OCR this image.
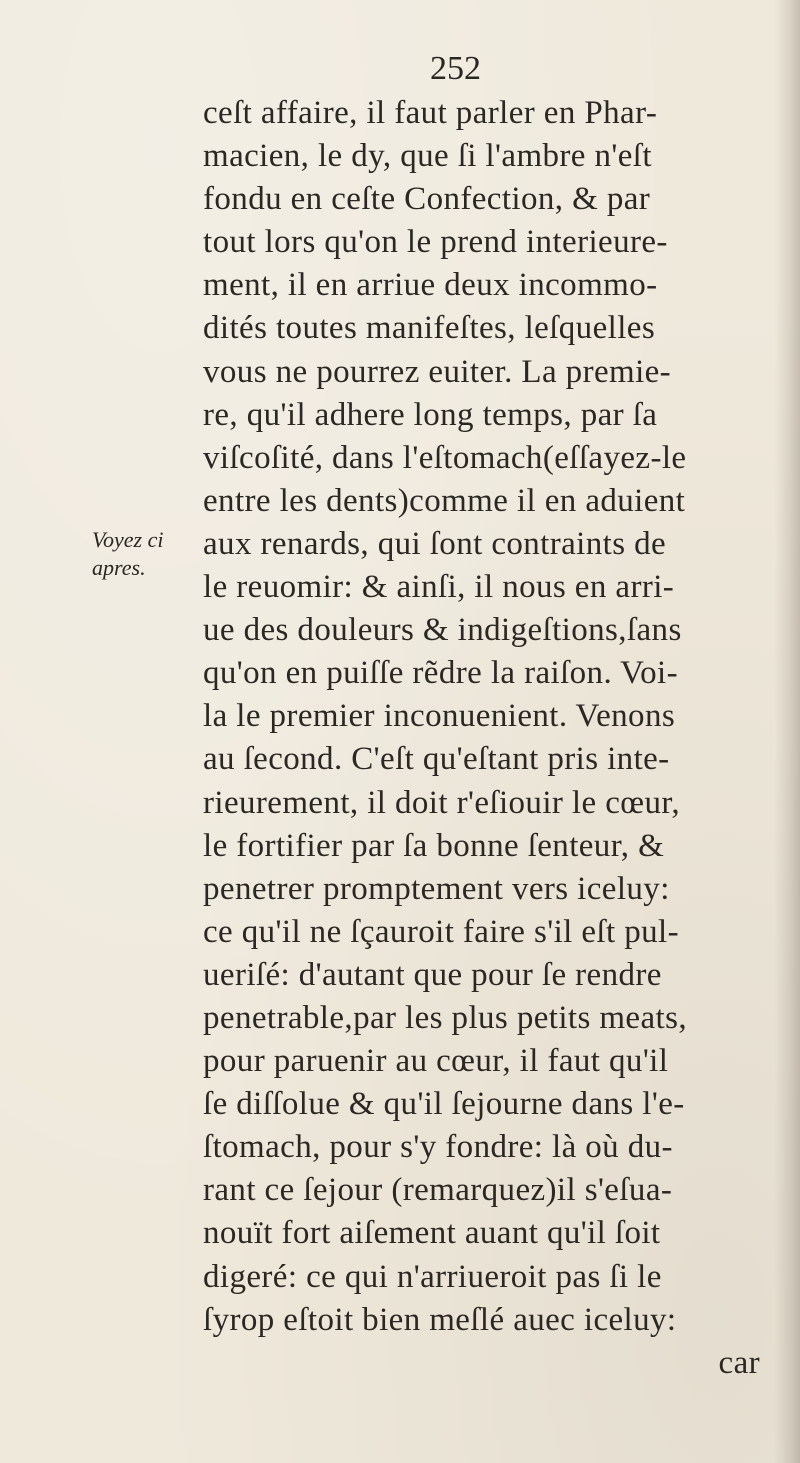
252
Voyez ci
apres.
ceſt affaire, il faut parler en Phar-
macien, le dy, que ſi l'ambre n'eſt
fondu en ceſte Confection, & par
tout lors qu'on le prend interieure-
ment, il en arriue deux incommo-
dités toutes manifeſtes, leſquelles
vous ne pourrez euiter. La premie-
re, qu'il adhere long temps, par ſa
viſcoſité, dans l'eſtomach(eſſayez-le
entre les dents)comme il en aduient
aux renards, qui ſont contraints de
le reuomir: & ainſi, il nous en arri-
ue des douleurs & indigeſtions,ſans
qu'on en puiſſe rẽdre la raiſon. Voi-
la le premier inconuenient. Venons
au ſecond. C'eſt qu'eſtant pris inte-
rieurement, il doit r'eſiouir le cœur,
le fortifier par ſa bonne ſenteur, &
penetrer promptement vers iceluy:
ce qu'il ne ſçauroit faire s'il eſt pul-
ueriſé: d'autant que pour ſe rendre
penetrable,par les plus petits meats,
pour paruenir au cœur, il faut qu'il
ſe diſſolue & qu'il ſejourne dans l'e-
ſtomach, pour s'y fondre: là où du-
rant ce ſejour (remarquez)il s'eſua-
nouït fort aiſement auant qu'il ſoit
digeré: ce qui n'arriueroit pas ſi le
ſyrop eſtoit bien meſlé auec iceluy:
car
